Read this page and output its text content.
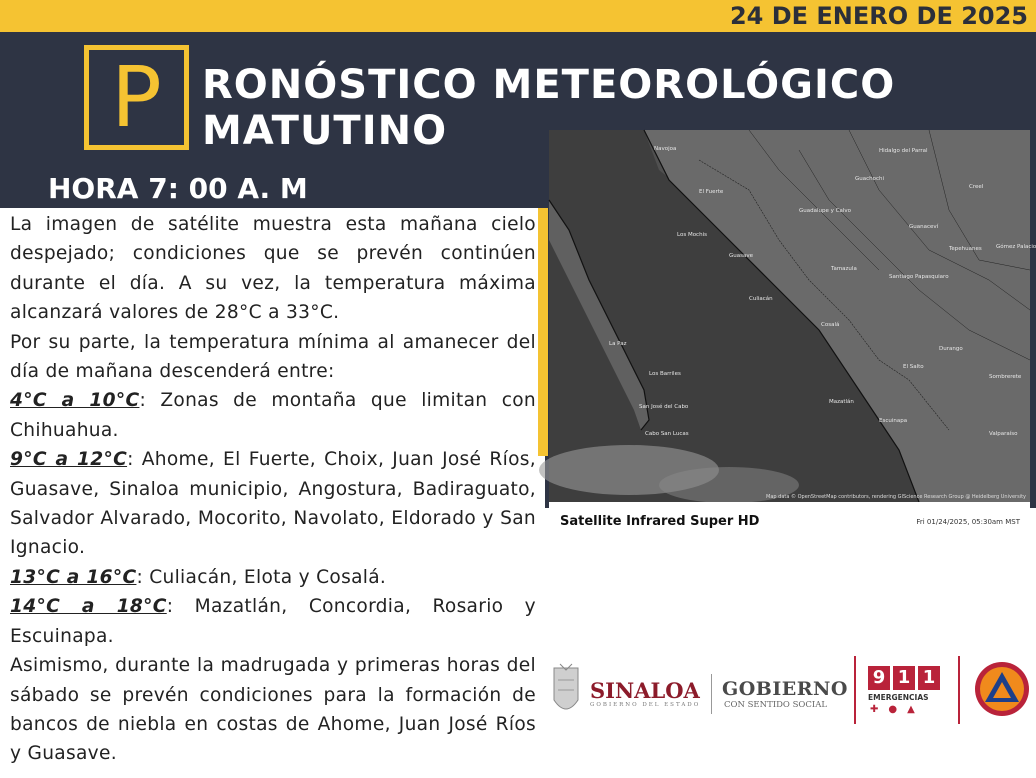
24 DE ENERO DE 2025
P	RONÓSTICO METEOROLÓGICO
MATUTINO
HORA 7: 00 A. M

La imagen de satélite muestra esta mañana cielo despejado; condiciones que se prevén continúen durante el día. A su vez, la temperatura máxima alcanzará valores de 28°C a 33°C.

Por su parte, la temperatura mínima al amanecer del día de mañana descenderá entre:

4°C a 10°C: Zonas de montaña que limitan con Chihuahua.

9°C a 12°C: Ahome, El Fuerte, Choix, Juan José Ríos, Guasave, Sinaloa municipio, Angostura, Badiraguato, Salvador Alvarado, Mocorito, Navolato, Eldorado y San Ignacio.

13°C a 16°C: Culiacán, Elota y Cosalá.

14°C a 18°C: Mazatlán, Concordia, Rosario y Escuinapa.

Asimismo, durante la madrugada y primeras horas del sábado se prevén condiciones para la formación de bancos de niebla en costas de Ahome, Juan José Ríos y Guasave.

Navojoa
El Fuerte
Los Mochis
Guasave
Culiacán
Cosalá
La Paz
Los Barriles
San José del Cabo
Cabo San Lucas
Mazatlán
Escuinapa
Durango
El Salto
Santiago Papasquiaro
Hidalgo del Parral
Guachochi
Guanaceví
Tepehuanes	Gómez Palacio
Sombrerete
Valparaíso
Guadalupe y Calvo
Creel
Tamazula
Map data © OpenStreetMap contributors, rendering GIScience Research Group @ Heidelberg University
Satellite Infrared Super HD	Fri 01/24/2025, 05:30am MST
SINALOA
GOBIERNO DEL ESTADO
GOBIERNO
CON SENTIDO SOCIAL
9 1 1
EMERGENCIAS
✚●▲
